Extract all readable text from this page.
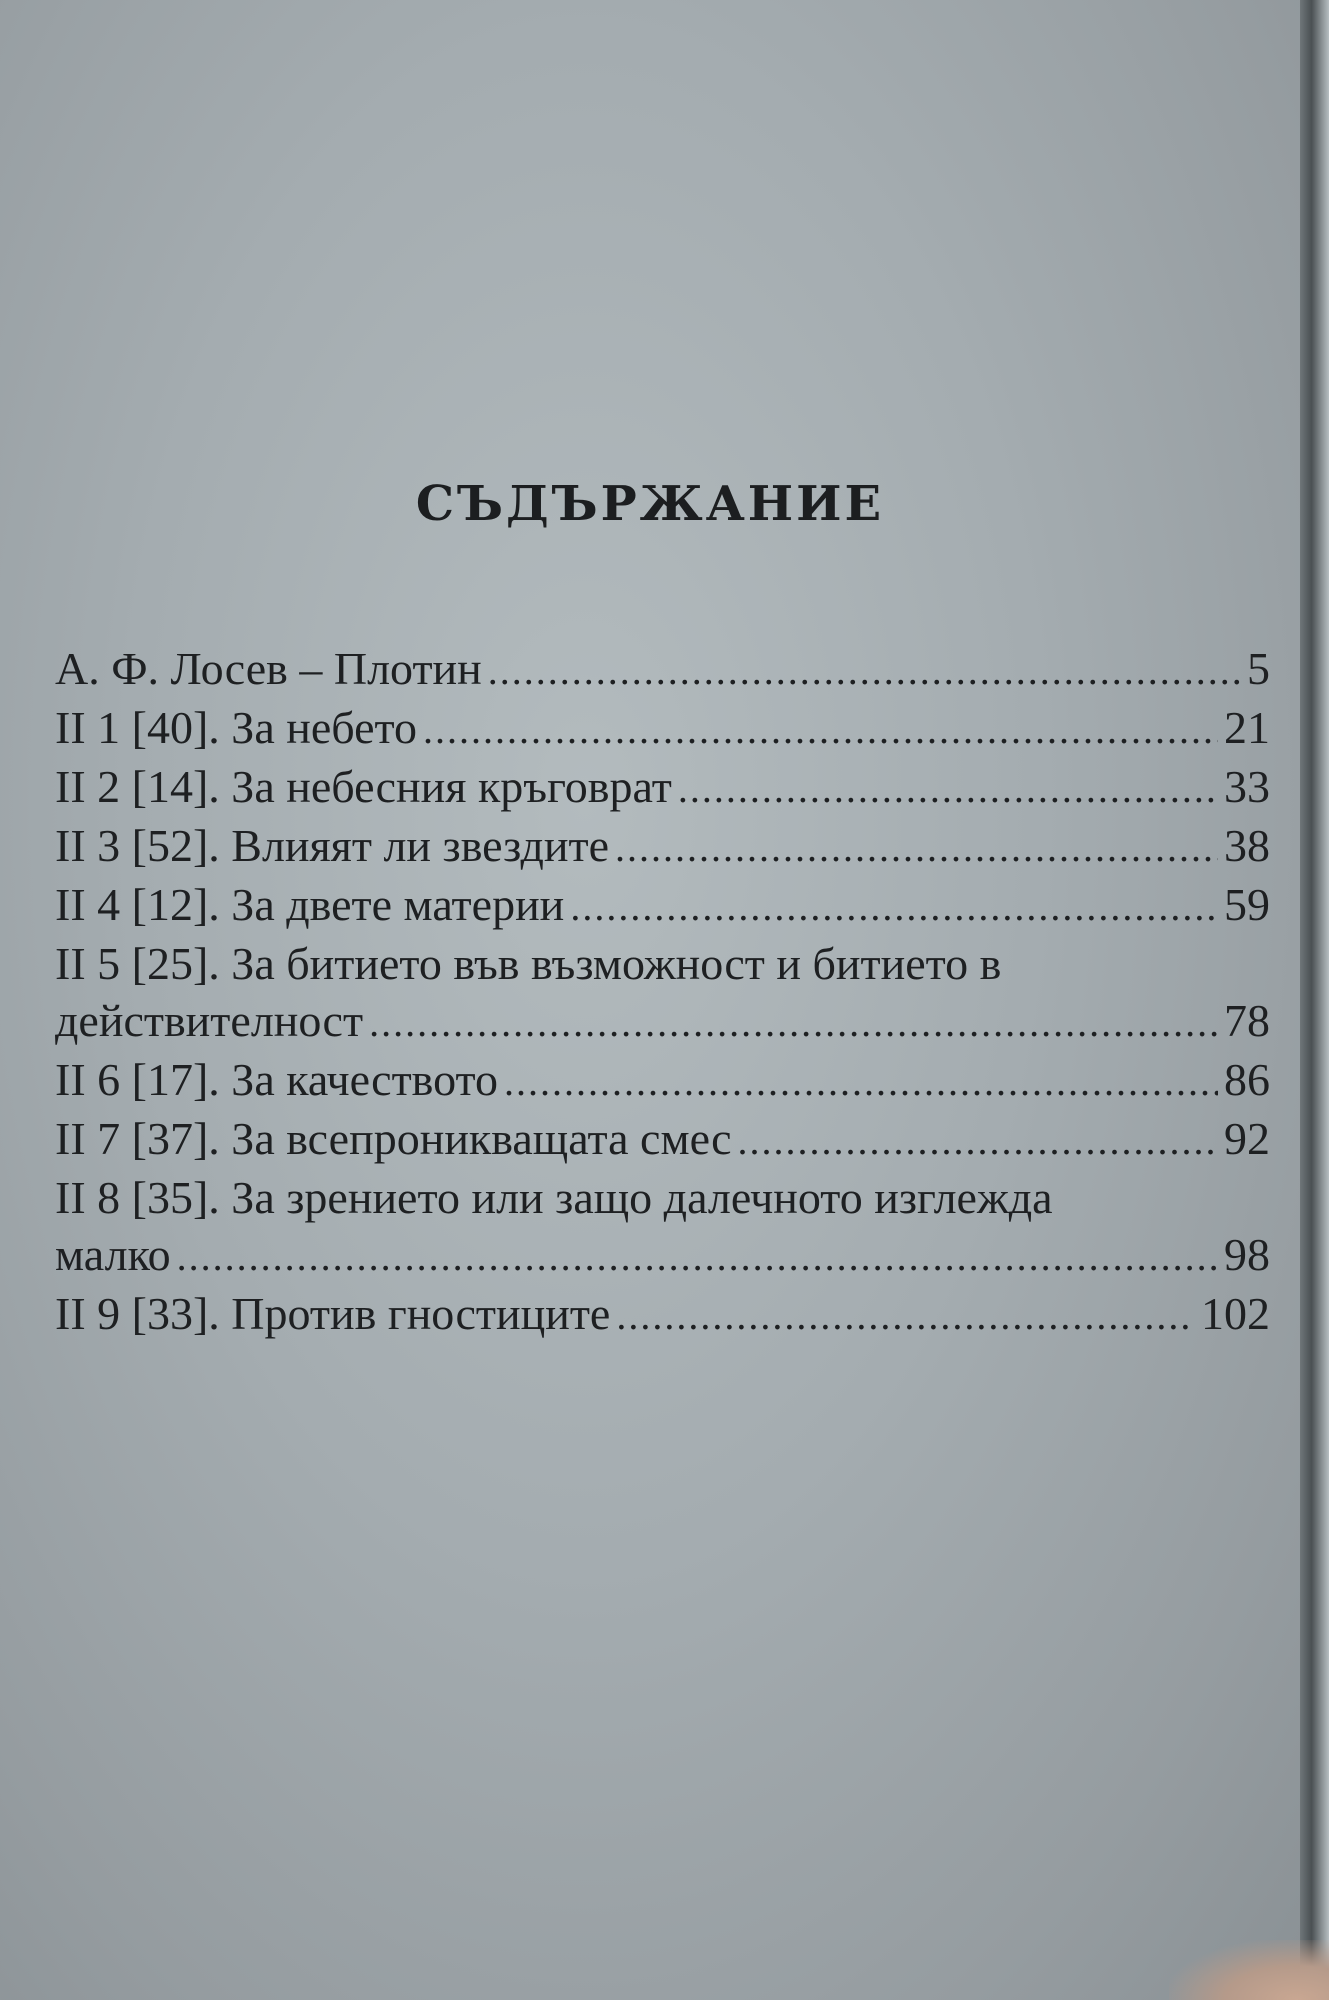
СЪДЪРЖАНИЕ
А. Ф. Лосев – Плотин .....	5
II 1 [40]. За небето .....	21
II 2 [14]. За небесния кръговрат .....	33
II 3 [52]. Влияят ли звездите .....	38
II 4 [12]. За двете материи .....	59
II 5 [25]. За битието във възможност и битието в
действителност .....	78
II 6 [17]. За качеството .....	86
II 7 [37]. За всепроникващата смес .....	92
II 8 [35]. За зрението или защо далечното изглежда
малко .....	98
II 9 [33]. Против гностиците .....	102
